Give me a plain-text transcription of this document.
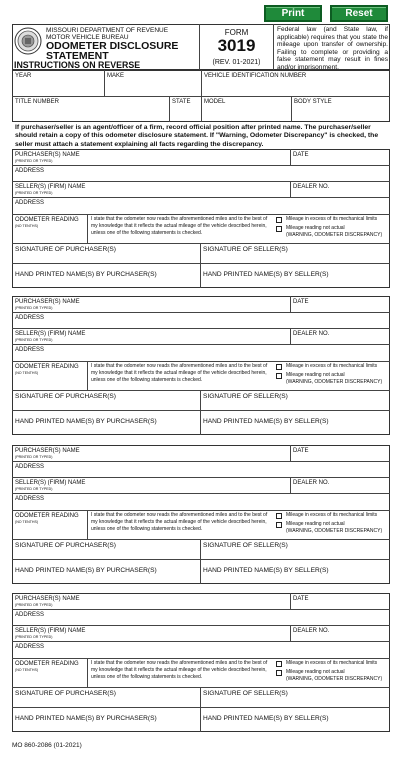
Print	Reset
MISSOURI DEPARTMENT OF REVENUE
MOTOR VEHICLE BUREAU
ODOMETER DISCLOSURE
STATEMENT
FORM
3019
(REV. 01-2021)
Federal law (and State law, if applicable) requires that you state the mileage upon transfer of ownership. Failing to complete or providing a false statement may result in fines and/or imprisonment.
INSTRUCTIONS ON REVERSE
YEAR	MAKE	VEHICLE IDENTIFICATION NUMBER
TITLE NUMBER	STATE MODEL	BODY STYLE
If purchaser/seller is an agent/officer of a firm, record official position after printed name. The purchaser/seller should retain a copy of this odometer disclosure statement. If "Warning, Odometer Discrepancy" is checked, the seller must attach a statement explaining all facts regarding the discrepancy.
PURCHASER(S) NAME
(PRINTED OR TYPED)
DATE
ADDRESS
SELLER(S) (FIRM) NAME
(PRINTED OR TYPED)
DEALER NO.
ADDRESS
ODOMETER READING
(NO TENTHS)
I state that the odometer now reads the aforementioned miles and to the best of my knowledge that it reflects the actual mileage of the vehicle described herein, unless one of the following statements is checked.
Mileage in excess of its mechanical limits
Mileage reading not actual
(WARNING, ODOMETER DISCREPANCY)
SIGNATURE OF PURCHASER(S)	SIGNATURE OF SELLER(S)
HAND PRINTED NAME(S) BY PURCHASER(S)	HAND PRINTED NAME(S) BY SELLER(S)
PURCHASER(S) NAME
(PRINTED OR TYPED)
DATE
ADDRESS
SELLER(S) (FIRM) NAME
(PRINTED OR TYPED)
DEALER NO.
ADDRESS
ODOMETER READING
(NO TENTHS)
I state that the odometer now reads the aforementioned miles and to the best of my knowledge that it reflects the actual mileage of the vehicle described herein, unless one of the following statements is checked.
Mileage in excess of its mechanical limits
Mileage reading not actual
(WARNING, ODOMETER DISCREPANCY)
SIGNATURE OF PURCHASER(S)	SIGNATURE OF SELLER(S)
HAND PRINTED NAME(S) BY PURCHASER(S)	HAND PRINTED NAME(S) BY SELLER(S)
PURCHASER(S) NAME
(PRINTED OR TYPED)
DATE
ADDRESS
SELLER(S) (FIRM) NAME
(PRINTED OR TYPED)
DEALER NO.
ADDRESS
ODOMETER READING
(NO TENTHS)
I state that the odometer now reads the aforementioned miles and to the best of my knowledge that it reflects the actual mileage of the vehicle described herein, unless one of the following statements is checked.
Mileage in excess of its mechanical limits
Mileage reading not actual
(WARNING, ODOMETER DISCREPANCY)
SIGNATURE OF PURCHASER(S)	SIGNATURE OF SELLER(S)
HAND PRINTED NAME(S) BY PURCHASER(S)	HAND PRINTED NAME(S) BY SELLER(S)
PURCHASER(S) NAME
(PRINTED OR TYPED)
DATE
ADDRESS
SELLER(S) (FIRM) NAME
(PRINTED OR TYPED)
DEALER NO.
ADDRESS
ODOMETER READING
(NO TENTHS)
I state that the odometer now reads the aforementioned miles and to the best of my knowledge that it reflects the actual mileage of the vehicle described herein, unless one of the following statements is checked.
Mileage in excess of its mechanical limits
Mileage reading not actual
(WARNING, ODOMETER DISCREPANCY)
SIGNATURE OF PURCHASER(S)	SIGNATURE OF SELLER(S)
HAND PRINTED NAME(S) BY PURCHASER(S)	HAND PRINTED NAME(S) BY SELLER(S)
MO 860-2086 (01-2021)
